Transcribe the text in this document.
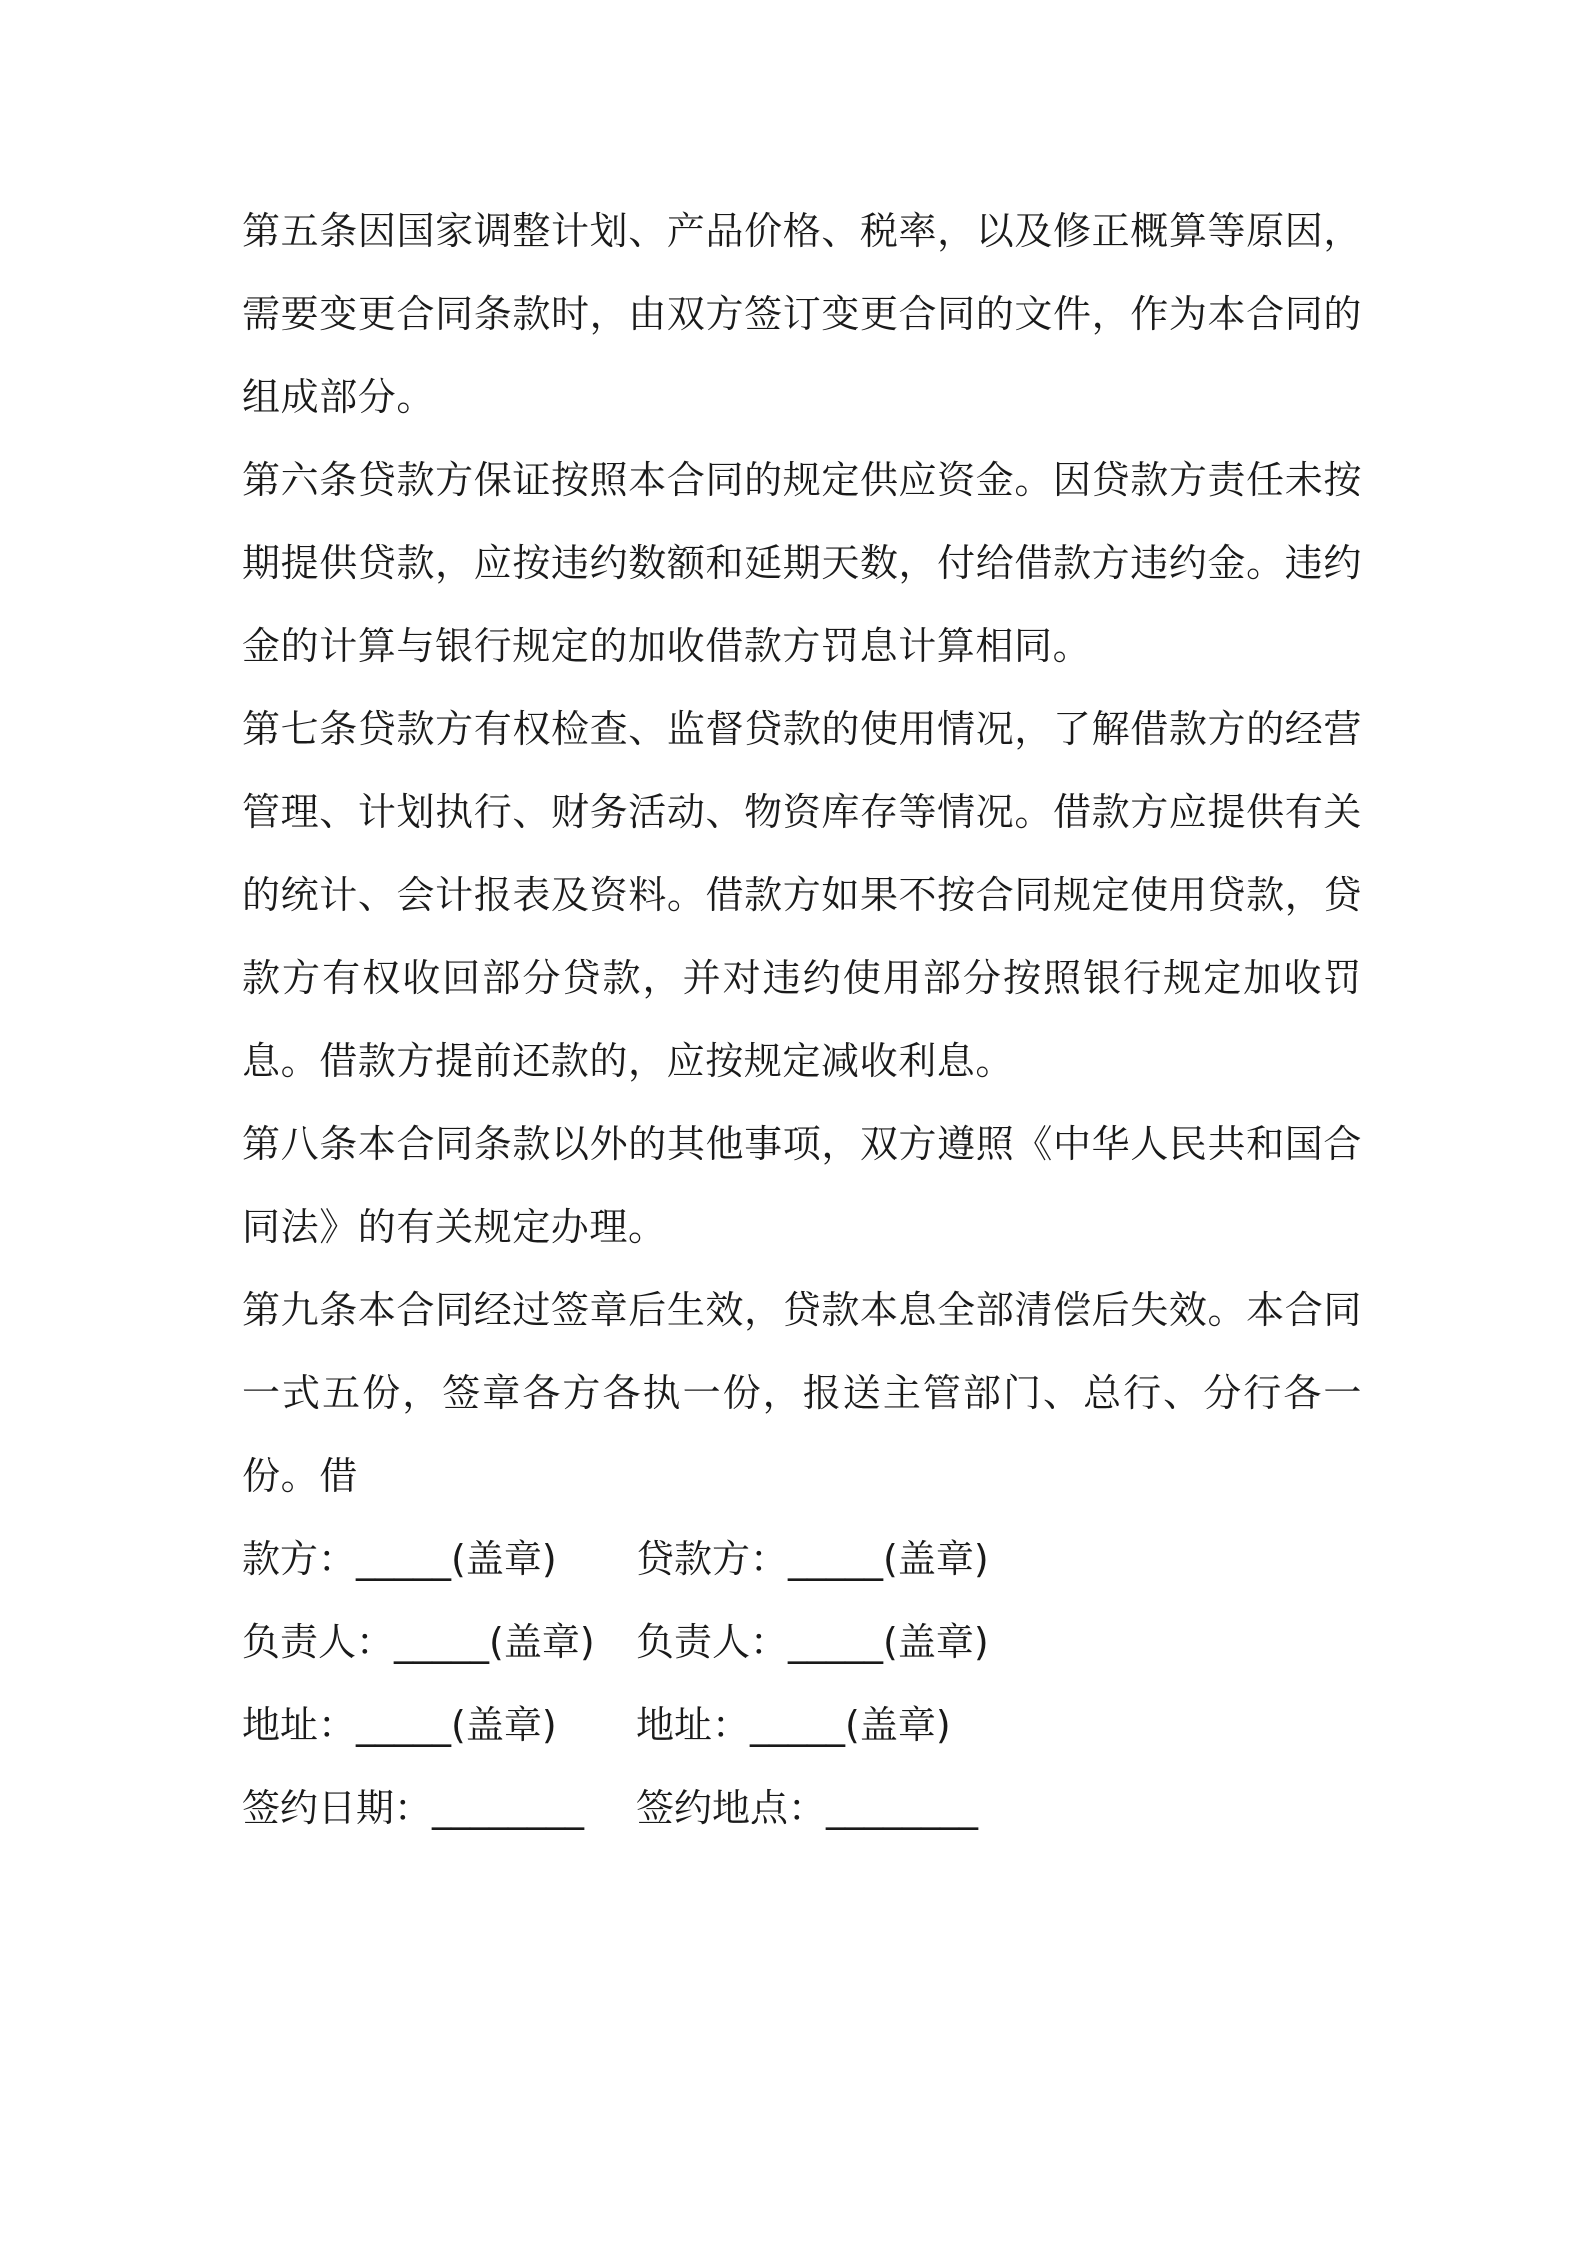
第五条因国家调整计划、产品价格、税率，以及修正概算等原因，需要变更合同条款时，由双方签订变更合同的文件，作为本合同的组成部分。

第六条贷款方保证按照本合同的规定供应资金。因贷款方责任未按期提供贷款，应按违约数额和延期天数，付给借款方违约金。违约金的计算与银行规定的加收借款方罚息计算相同。

第七条贷款方有权检查、监督贷款的使用情况，了解借款方的经营管理、计划执行、财务活动、物资库存等情况。借款方应提供有关的统计、会计报表及资料。借款方如果不按合同规定使用贷款，贷款方有权收回部分贷款，并对违约使用部分按照银行规定加收罚息。借款方提前还款的，应按规定减收利息。

第八条本合同条款以外的其他事项，双方遵照《中华人民共和国合同法》的有关规定办理。

第九条本合同经过签章后生效，贷款本息全部清偿后失效。本合同一式五份，签章各方各执一份，报送主管部门、总行、分行各一份。借

款方：_____(盖章) 贷款方：_____(盖章)
负责人：_____(盖章) 负责人：_____(盖章)
地址：_____(盖章) 地址：_____(盖章)
签约日期：________ 签约地点：________
